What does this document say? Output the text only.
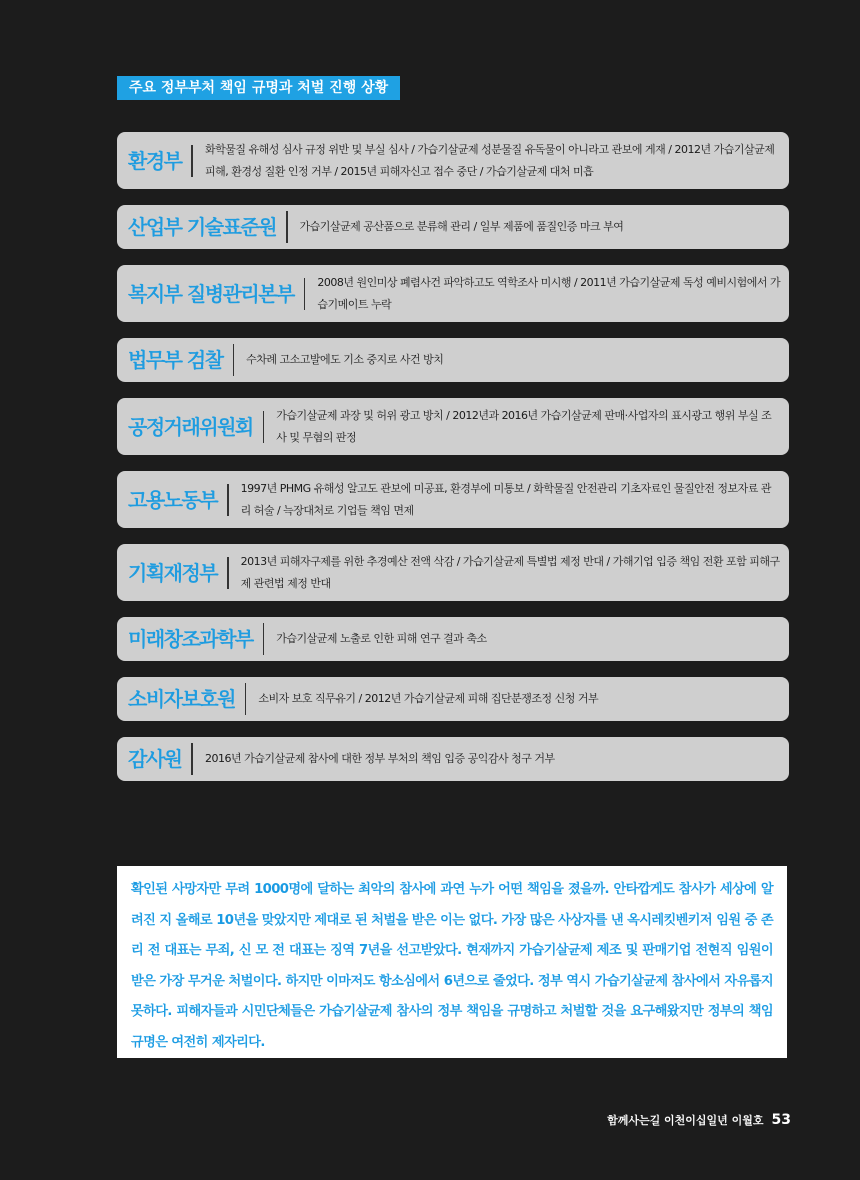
주요 정부부처 책임 규명과 처벌 진행 상황
환경부	화학물질 유해성 심사 규정 위반 및 부실 심사 / 가습기살균제 성분물질 유독물이 아니라고 관보에 게재 / 2012년 가습기살균제 피해, 환경성 질환 인정 거부 / 2015년 피해자신고 접수 중단 / 가습기살균제 대처 미흡
산업부 기술표준원	가습기살균제 공산품으로 분류해 관리 / 일부 제품에 품질인증 마크 부여
복지부 질병관리본부	2008년 원인미상 폐렴사건 파악하고도 역학조사 미시행 / 2011년 가습기살균제 독성 예비시험에서 가습기메이트 누락
법무부 검찰	수차례 고소고발에도 기소 중지로 사건 방치
공정거래위원회	가습기살균제 과장 및 허위 광고 방치 / 2012년과 2016년 가습기살균제 판매·사업자의 표시광고 행위 부실 조사 및 무혐의 판정
고용노동부	1997년 PHMG 유해성 알고도 관보에 미공표, 환경부에 미통보 / 화학물질 안전관리 기초자료인 물질안전 정보자료 관리 허술 / 늑장대처로 기업들 책임 면제
기획재정부	2013년 피해자구제를 위한 추경예산 전액 삭감 / 가습기살균제 특별법 제정 반대 / 가해기업 입증 책임 전환 포함 피해구제 관련법 제정 반대
미래창조과학부	가습기살균제 노출로 인한 피해 연구 결과 축소
소비자보호원	소비자 보호 직무유기 / 2012년 가습기살균제 피해 집단분쟁조정 신청 거부
감사원	2016년 가습기살균제 참사에 대한 정부 부처의 책임 입증 공익감사 청구 거부

확인된 사망자만 무려 1000명에 달하는 최악의 참사에 과연 누가 어떤 책임을 졌을까. 안타깝게도 참사가 세상에 알려진 지 올해로 10년을 맞았지만 제대로 된 처벌을 받은 이는 없다. 가장 많은 사상자를 낸 옥시레킷벤키저 임원 중 존리 전 대표는 무죄, 신 모 전 대표는 징역 7년을 선고받았다. 현재까지 가습기살균제 제조 및 판매기업 전현직 임원이 받은 가장 무거운 처벌이다. 하지만 이마저도 항소심에서 6년으로 줄었다. 정부 역시 가습기살균제 참사에서 자유롭지 못하다. 피해자들과 시민단체들은 가습기살균제 참사의 정부 책임을 규명하고 처벌할 것을 요구해왔지만 정부의 책임 규명은 여전히 제자리다.

함께사는길 이천이십일년 이월호 53
